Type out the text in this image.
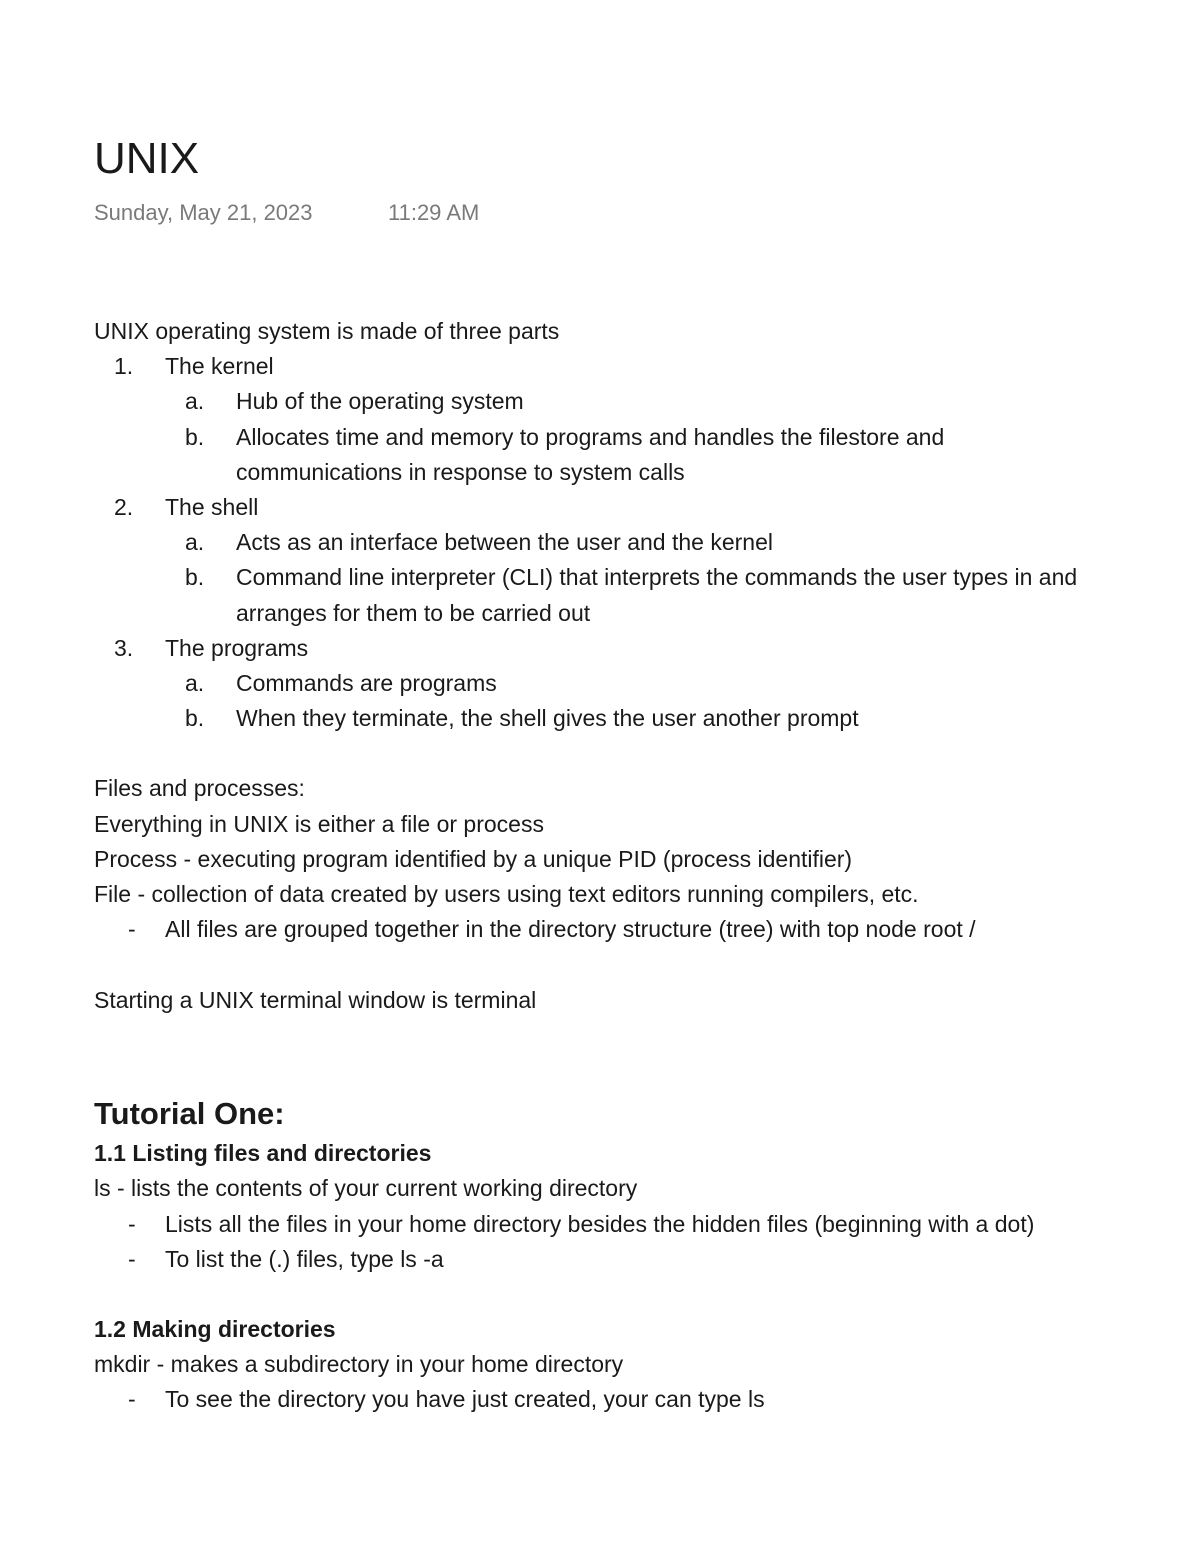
UNIX
Sunday, May 21, 2023	11:29 AM
UNIX operating system is made of three parts
1. The kernel
a. Hub of the operating system
b. Allocates time and memory to programs and handles the filestore and
communications in response to system calls
2. The shell
a. Acts as an interface between the user and the kernel
b. Command line interpreter (CLI) that interprets the commands the user types in and
arranges for them to be carried out
3. The programs
a. Commands are programs
b. When they terminate, the shell gives the user another prompt
Files and processes:
Everything in UNIX is either a file or process
Process - executing program identified by a unique PID (process identifier)
File - collection of data created by users using text editors running compilers, etc.
- All files are grouped together in the directory structure (tree) with top node root /
Starting a UNIX terminal window is terminal
Tutorial One:
1.1 Listing files and directories
ls - lists the contents of your current working directory
- Lists all the files in your home directory besides the hidden files (beginning with a dot)
- To list the (.) files, type ls -a
1.2 Making directories
mkdir - makes a subdirectory in your home directory
- To see the directory you have just created, your can type ls
